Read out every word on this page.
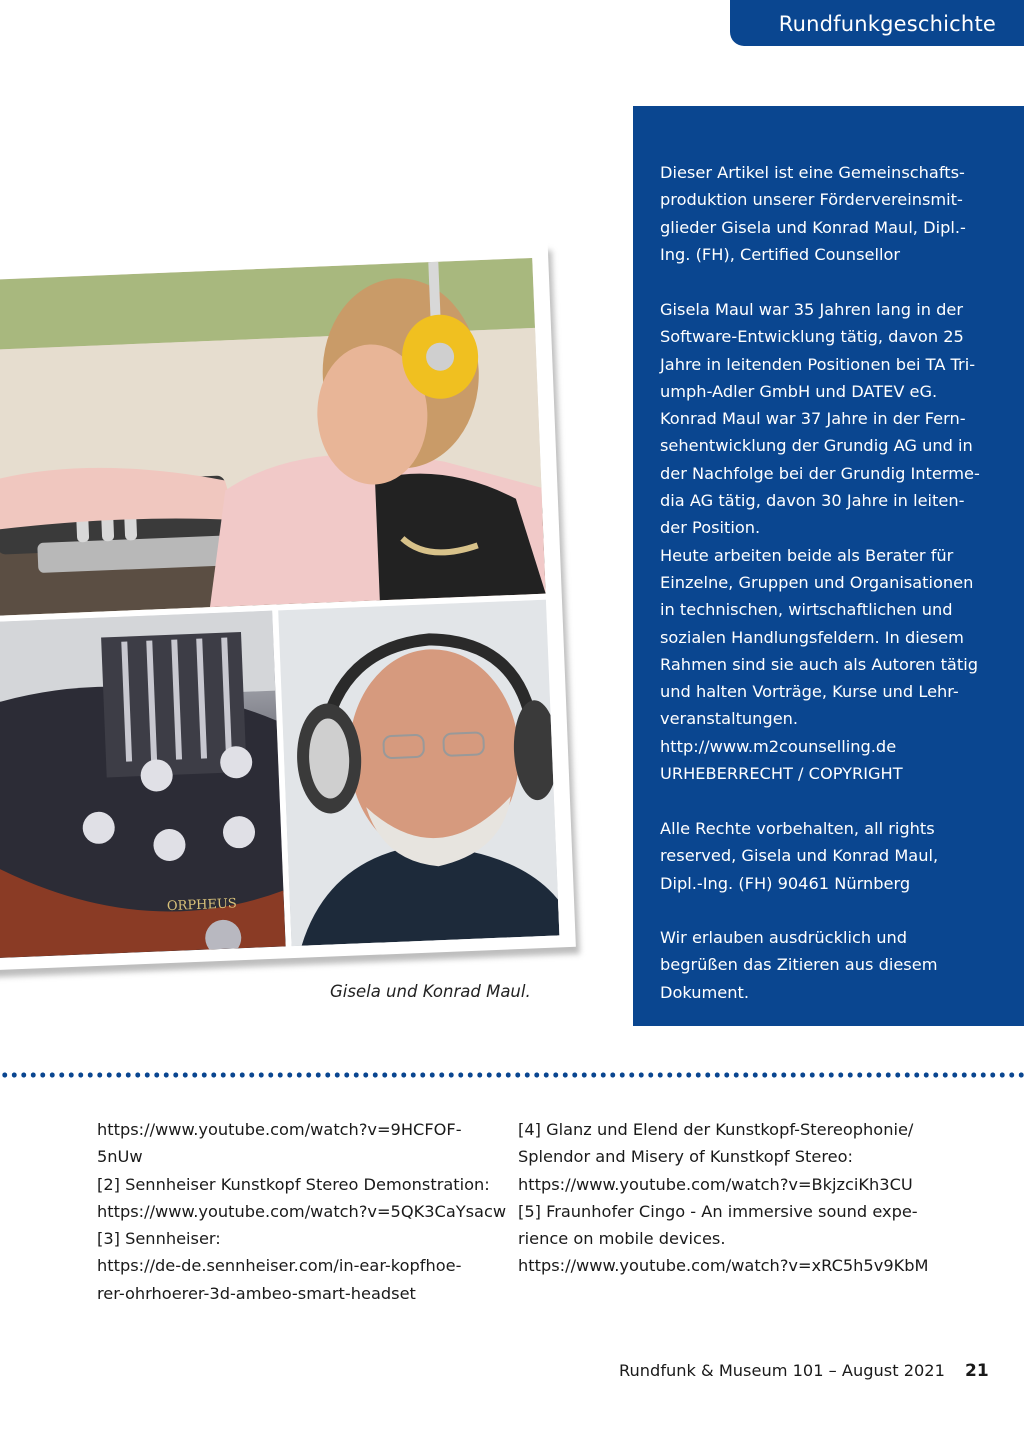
Rundfunkgeschichte
ORPHEUS
Gisela und Konrad Maul.

Dieser Artikel ist eine Gemeinschafts-
produktion unserer Fördervereinsmit-
glieder Gisela und Konrad Maul, Dipl.-
Ing. (FH), Certified Counsellor

Gisela Maul war 35 Jahren lang in der
Software-Entwicklung tätig, davon 25
Jahre in leitenden Positionen bei TA Tri-
umph-Adler GmbH und DATEV eG.
Konrad Maul war 37 Jahre in der Fern-
sehentwicklung der Grundig AG und in
der Nachfolge bei der Grundig Interme-
dia AG tätig, davon 30 Jahre in leiten-
der Position.
Heute arbeiten beide als Berater für
Einzelne, Gruppen und Organisationen
in technischen, wirtschaftlichen und
sozialen Handlungsfeldern. In diesem
Rahmen sind sie auch als Autoren tätig
und halten Vorträge, Kurse und Lehr-
veranstaltungen.
http://www.m2counselling.de
URHEBERRECHT / COPYRIGHT

Alle Rechte vorbehalten, all rights
reserved, Gisela und Konrad Maul,
Dipl.-Ing. (FH) 90461 Nürnberg

Wir erlauben ausdrücklich und
begrüßen das Zitieren aus diesem
Dokument.

https://www.youtube.com/watch?v=9HCFOF-
5nUw
[2] Sennheiser Kunstkopf Stereo Demonstration:
https://www.youtube.com/watch?v=5QK3CaYsacw
[3] Sennheiser:
https://de-de.sennheiser.com/in-ear-kopfhoe-
rer-ohrhoerer-3d-ambeo-smart-headset
[4] Glanz und Elend der Kunstkopf-Stereophonie/
Splendor and Misery of Kunstkopf Stereo:
https://www.youtube.com/watch?v=BkjzciKh3CU
[5] Fraunhofer Cingo - An immersive sound expe-
rience on mobile devices.
https://www.youtube.com/watch?v=xRC5h5v9KbM
Rundfunk & Museum 101 – August 2021 21
